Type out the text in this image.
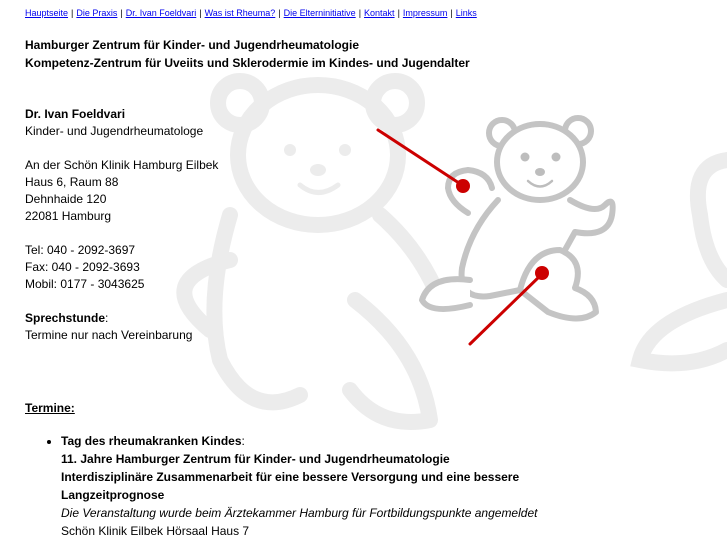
Hauptseite | Die Praxis | Dr. Ivan Foeldvari | Was ist Rheuma? | Die Elterninitiative | Kontakt | Impressum | Links
Hamburger Zentrum für Kinder- und Jugendrheumatologie
Kompetenz-Zentrum für Uveiits und Sklerodermie im Kindes- und Jugendalter
Dr. Ivan Foeldvari
Kinder- und Jugendrheumatologe
An der Schön Klinik Hamburg Eilbek
Haus 6, Raum 88
Dehnhaide 120
22081 Hamburg
Tel: 040 - 2092-3697
Fax: 040 - 2092-3693
Mobil: 0177 - 3043625
Sprechstunde:
Termine nur nach Vereinbarung
Termine:
• Tag des rheumakranken Kindes:
11. Jahre Hamburger Zentrum für Kinder- und Jugendrheumatologie
Interdisziplinäre Zusammenarbeit für eine bessere Versorgung und eine bessere Langzeitprognose
Die Veranstaltung wurde beim Ärztekammer Hamburg für Fortbildungspunkte angemeldet
Schön Klinik Eilbek Hörsaal Haus 7
